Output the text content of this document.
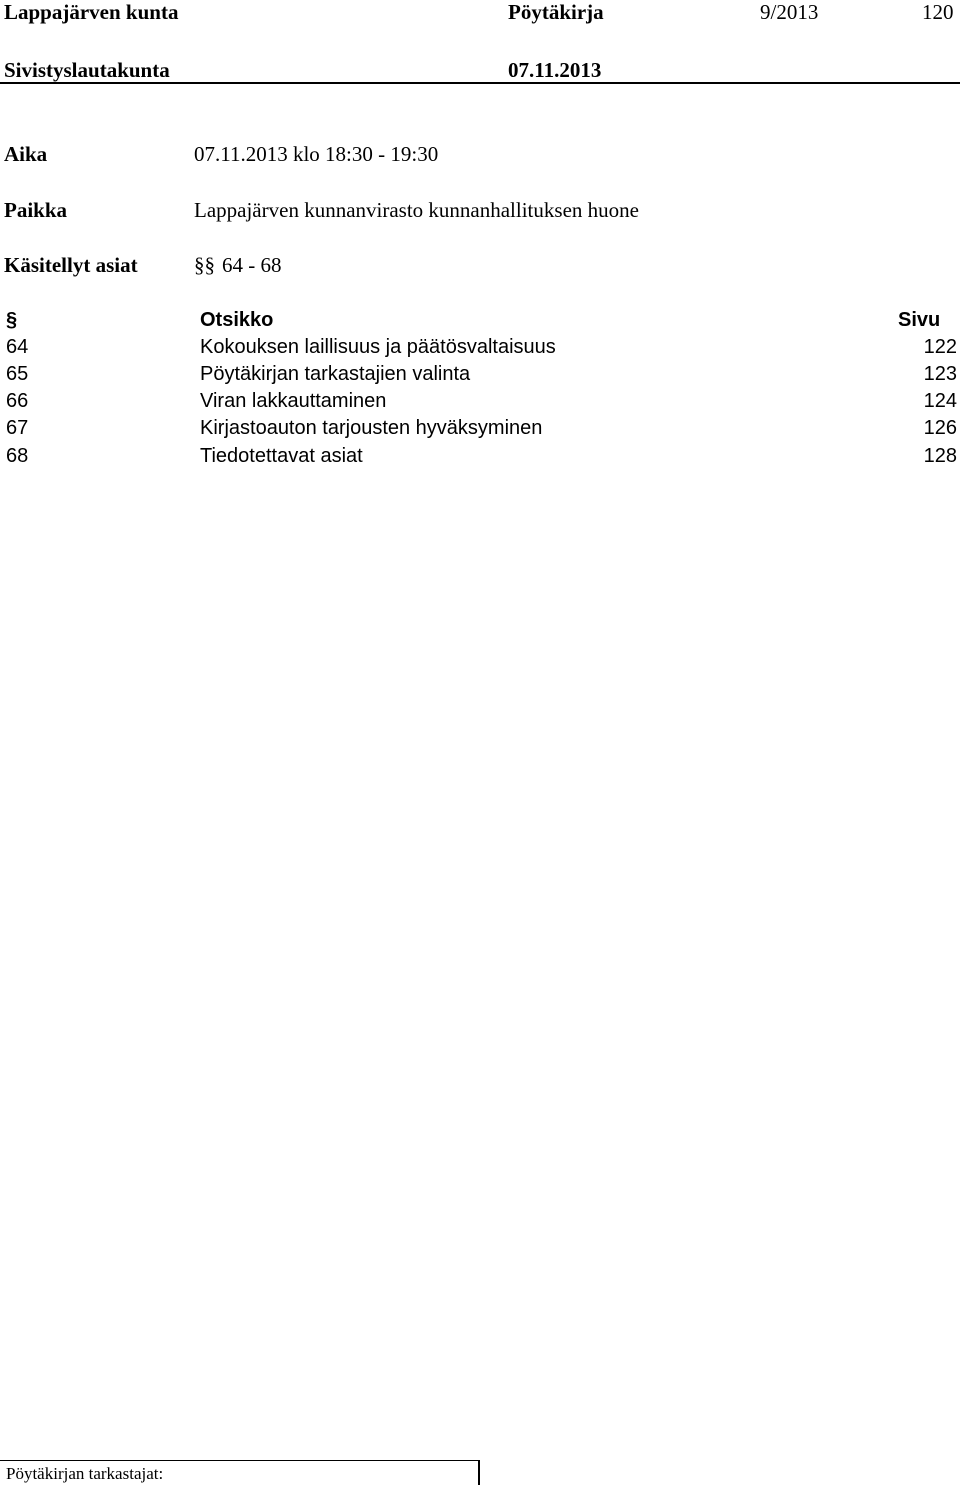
Lappajärven kunta	Pöytäkirja	9/2013	120
Sivistyslautakunta	07.11.2013
Aika	07.11.2013 klo 18:30 - 19:30
Paikka	Lappajärven kunnanvirasto kunnanhallituksen huone
Käsitellyt asiat	§§ 64 - 68
§	Otsikko	Sivu
64	Kokouksen laillisuus ja päätösvaltaisuus	122
65	Pöytäkirjan tarkastajien valinta	123
66	Viran lakkauttaminen	124
67	Kirjastoauton tarjousten hyväksyminen	126
68	Tiedotettavat asiat	128
Pöytäkirjan tarkastajat:
